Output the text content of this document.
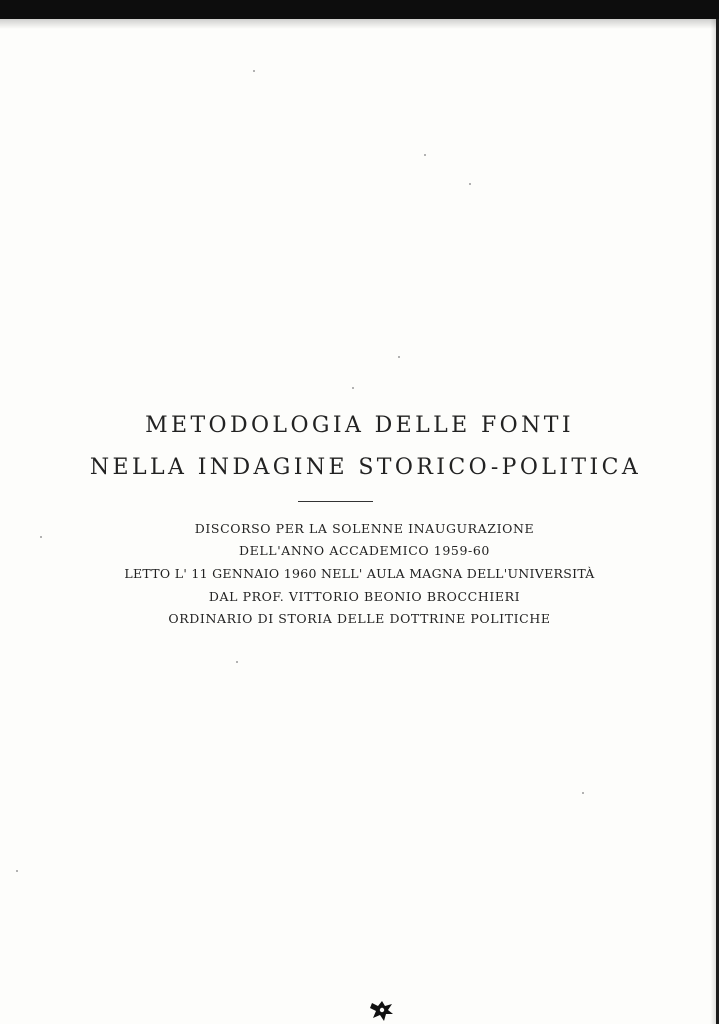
METODOLOGIA DELLE FONTI
NELLA INDAGINE STORICO-POLITICA
DISCORSO PER LA SOLENNE INAUGURAZIONE
DELL'ANNO ACCADEMICO 1959-60
LETTO L' 11 GENNAIO 1960 NELL' AULA MAGNA DELL'UNIVERSITÀ
DAL PROF. VITTORIO BEONIO BROCCHIERI
ORDINARIO DI STORIA DELLE DOTTRINE POLITICHE
